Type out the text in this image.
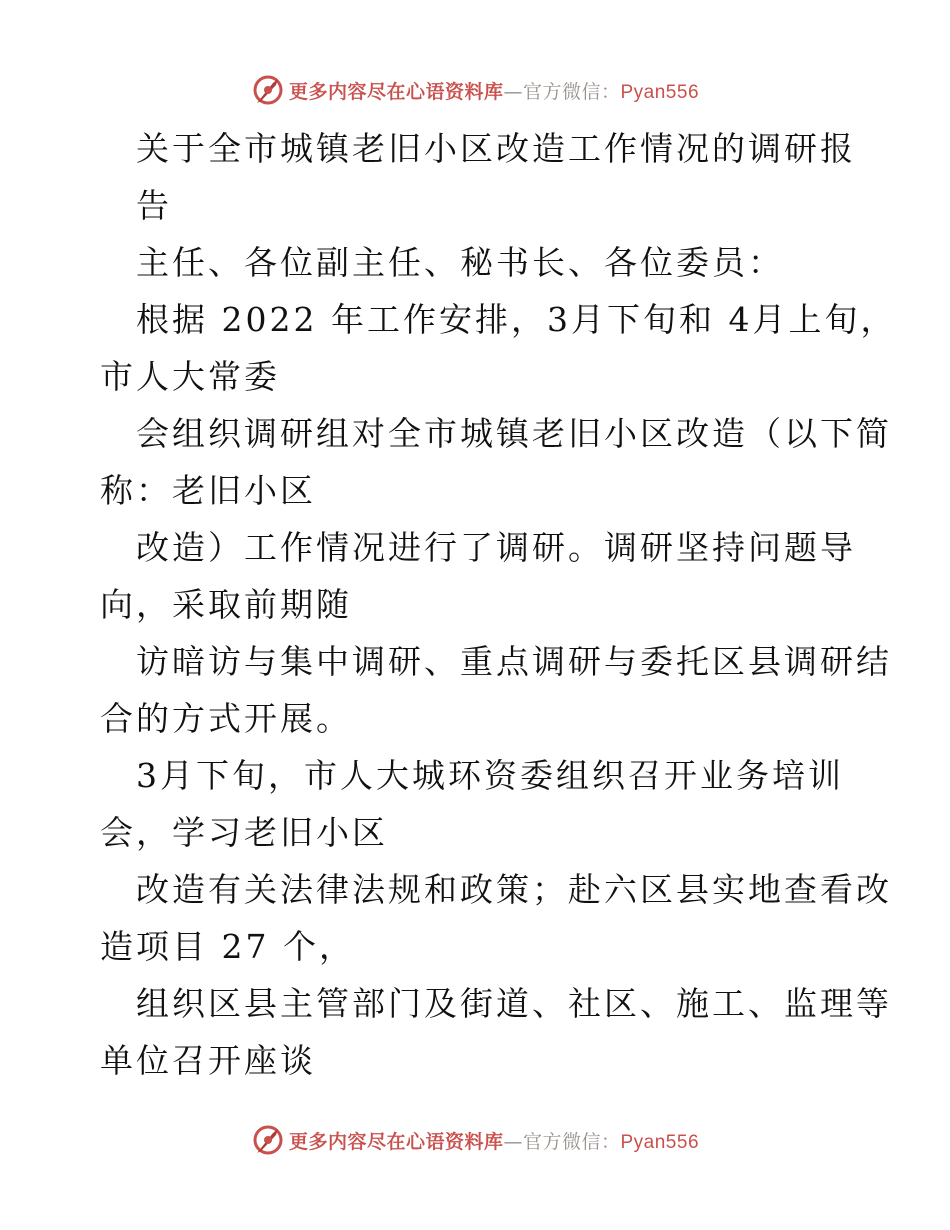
更多内容尽在心语资料库—官方微信：Pyan556
关于全市城镇老旧小区改造工作情况的调研报
告
主任、各位副主任、秘书长、各位委员：
根据 2022 年工作安排，3月下旬和 4月上旬，
市人大常委
会组织调研组对全市城镇老旧小区改造（以下简
称：老旧小区
改造）工作情况进行了调研。调研坚持问题导
向，采取前期随
访暗访与集中调研、重点调研与委托区县调研结
合的方式开展。
3月下旬，市人大城环资委组织召开业务培训
会，学习老旧小区
改造有关法律法规和政策；赴六区县实地查看改
造项目 27 个，
组织区县主管部门及街道、社区、施工、监理等
单位召开座谈
更多内容尽在心语资料库—官方微信：Pyan556
